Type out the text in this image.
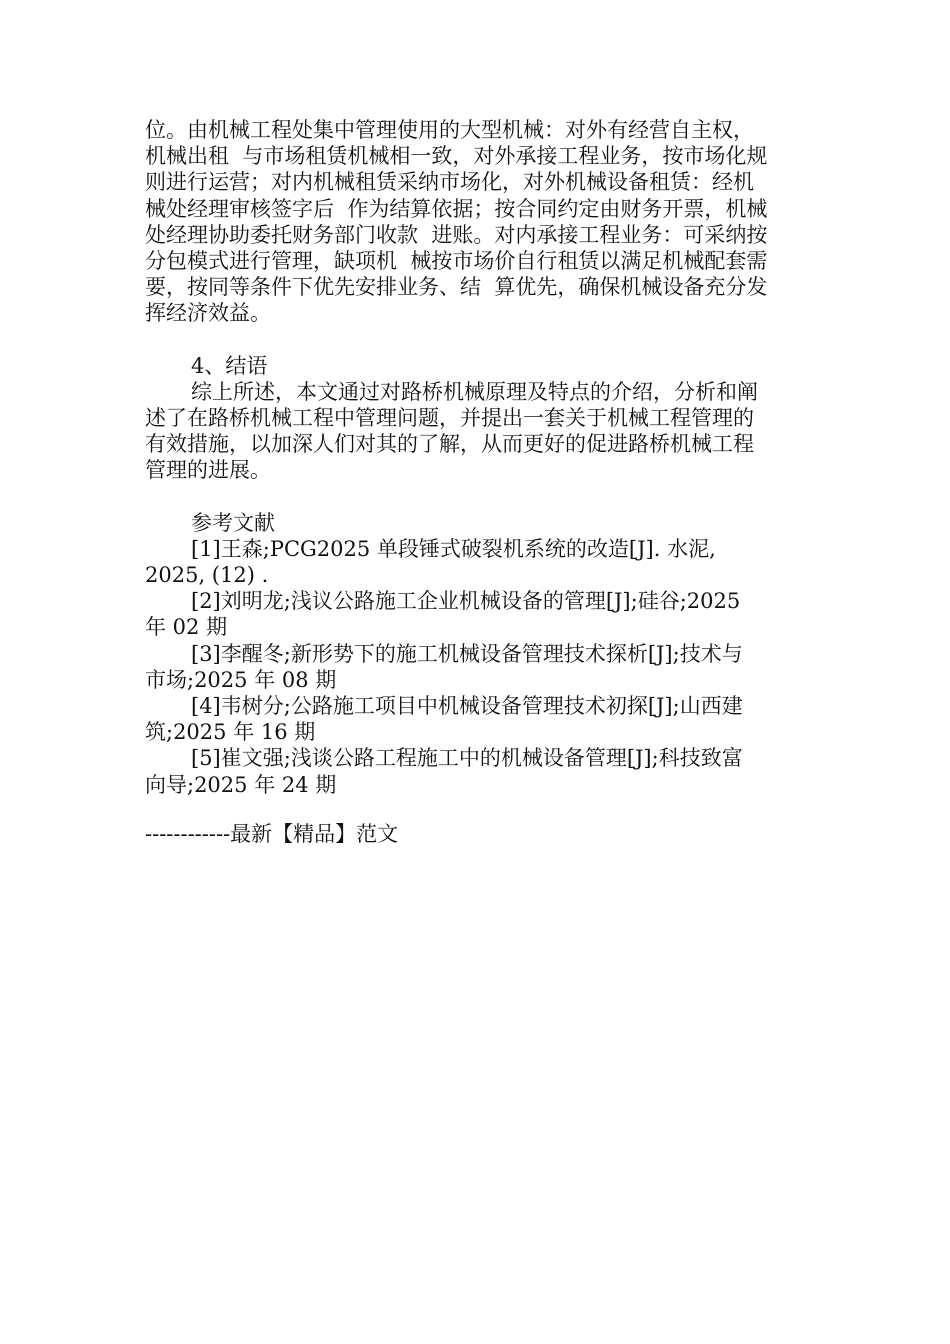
位。由机械工程处集中管理使用的大型机械：对外有经营自主权，
机械出租  与市场租赁机械相一致，对外承接工程业务，按市场化规
则进行运营；对内机械租赁采纳市场化，对外机械设备租赁：经机
械处经理审核签字后  作为结算依据；按合同约定由财务开票，机械
处经理协助委托财务部门收款  进账。对内承接工程业务：可采纳按
分包模式进行管理，缺项机  械按市场价自行租赁以满足机械配套需
要，按同等条件下优先安排业务、结  算优先，确保机械设备充分发
挥经济效益。
4、结语
综上所述，本文通过对路桥机械原理及特点的介绍，分析和阐
述了在路桥机械工程中管理问题，并提出一套关于机械工程管理的
有效措施，以加深人们对其的了解，从而更好的促进路桥机械工程
管理的进展。
参考文献
[1]王森;PCG2025 单段锤式破裂机系统的改造[J]. 水泥,
2025, (12) .
[2]刘明龙;浅议公路施工企业机械设备的管理[J];硅谷;2025
年 02 期
[3]李醒冬;新形势下的施工机械设备管理技术探析[J];技术与
市场;2025 年 08 期
[4]韦树分;公路施工项目中机械设备管理技术初探[J];山西建
筑;2025 年 16 期
[5]崔文强;浅谈公路工程施工中的机械设备管理[J];科技致富
向导;2025 年 24 期
------------最新【精品】范文
